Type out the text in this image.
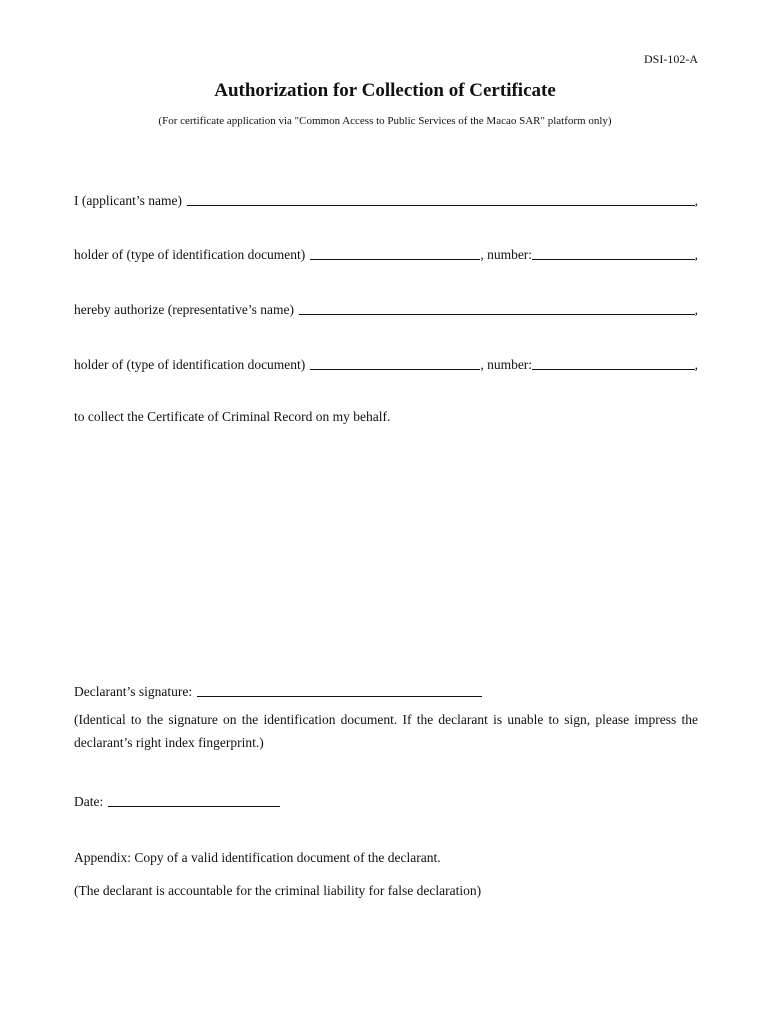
DSI-102-A
Authorization for Collection of Certificate
(For certificate application via "Common Access to Public Services of the Macao SAR" platform only)
I (applicant’s name)	,
holder of (type of identification document)	, number:	,
hereby authorize (representative’s name)	,
holder of (type of identification document)	, number:	,
to collect the Certificate of Criminal Record on my behalf.
Declarant’s signature:
(Identical to the signature on the identification document. If the declarant is unable to sign, please impress the declarant’s right index fingerprint.)
Date:
Appendix: Copy of a valid identification document of the declarant.
(The declarant is accountable for the criminal liability for false declaration)
